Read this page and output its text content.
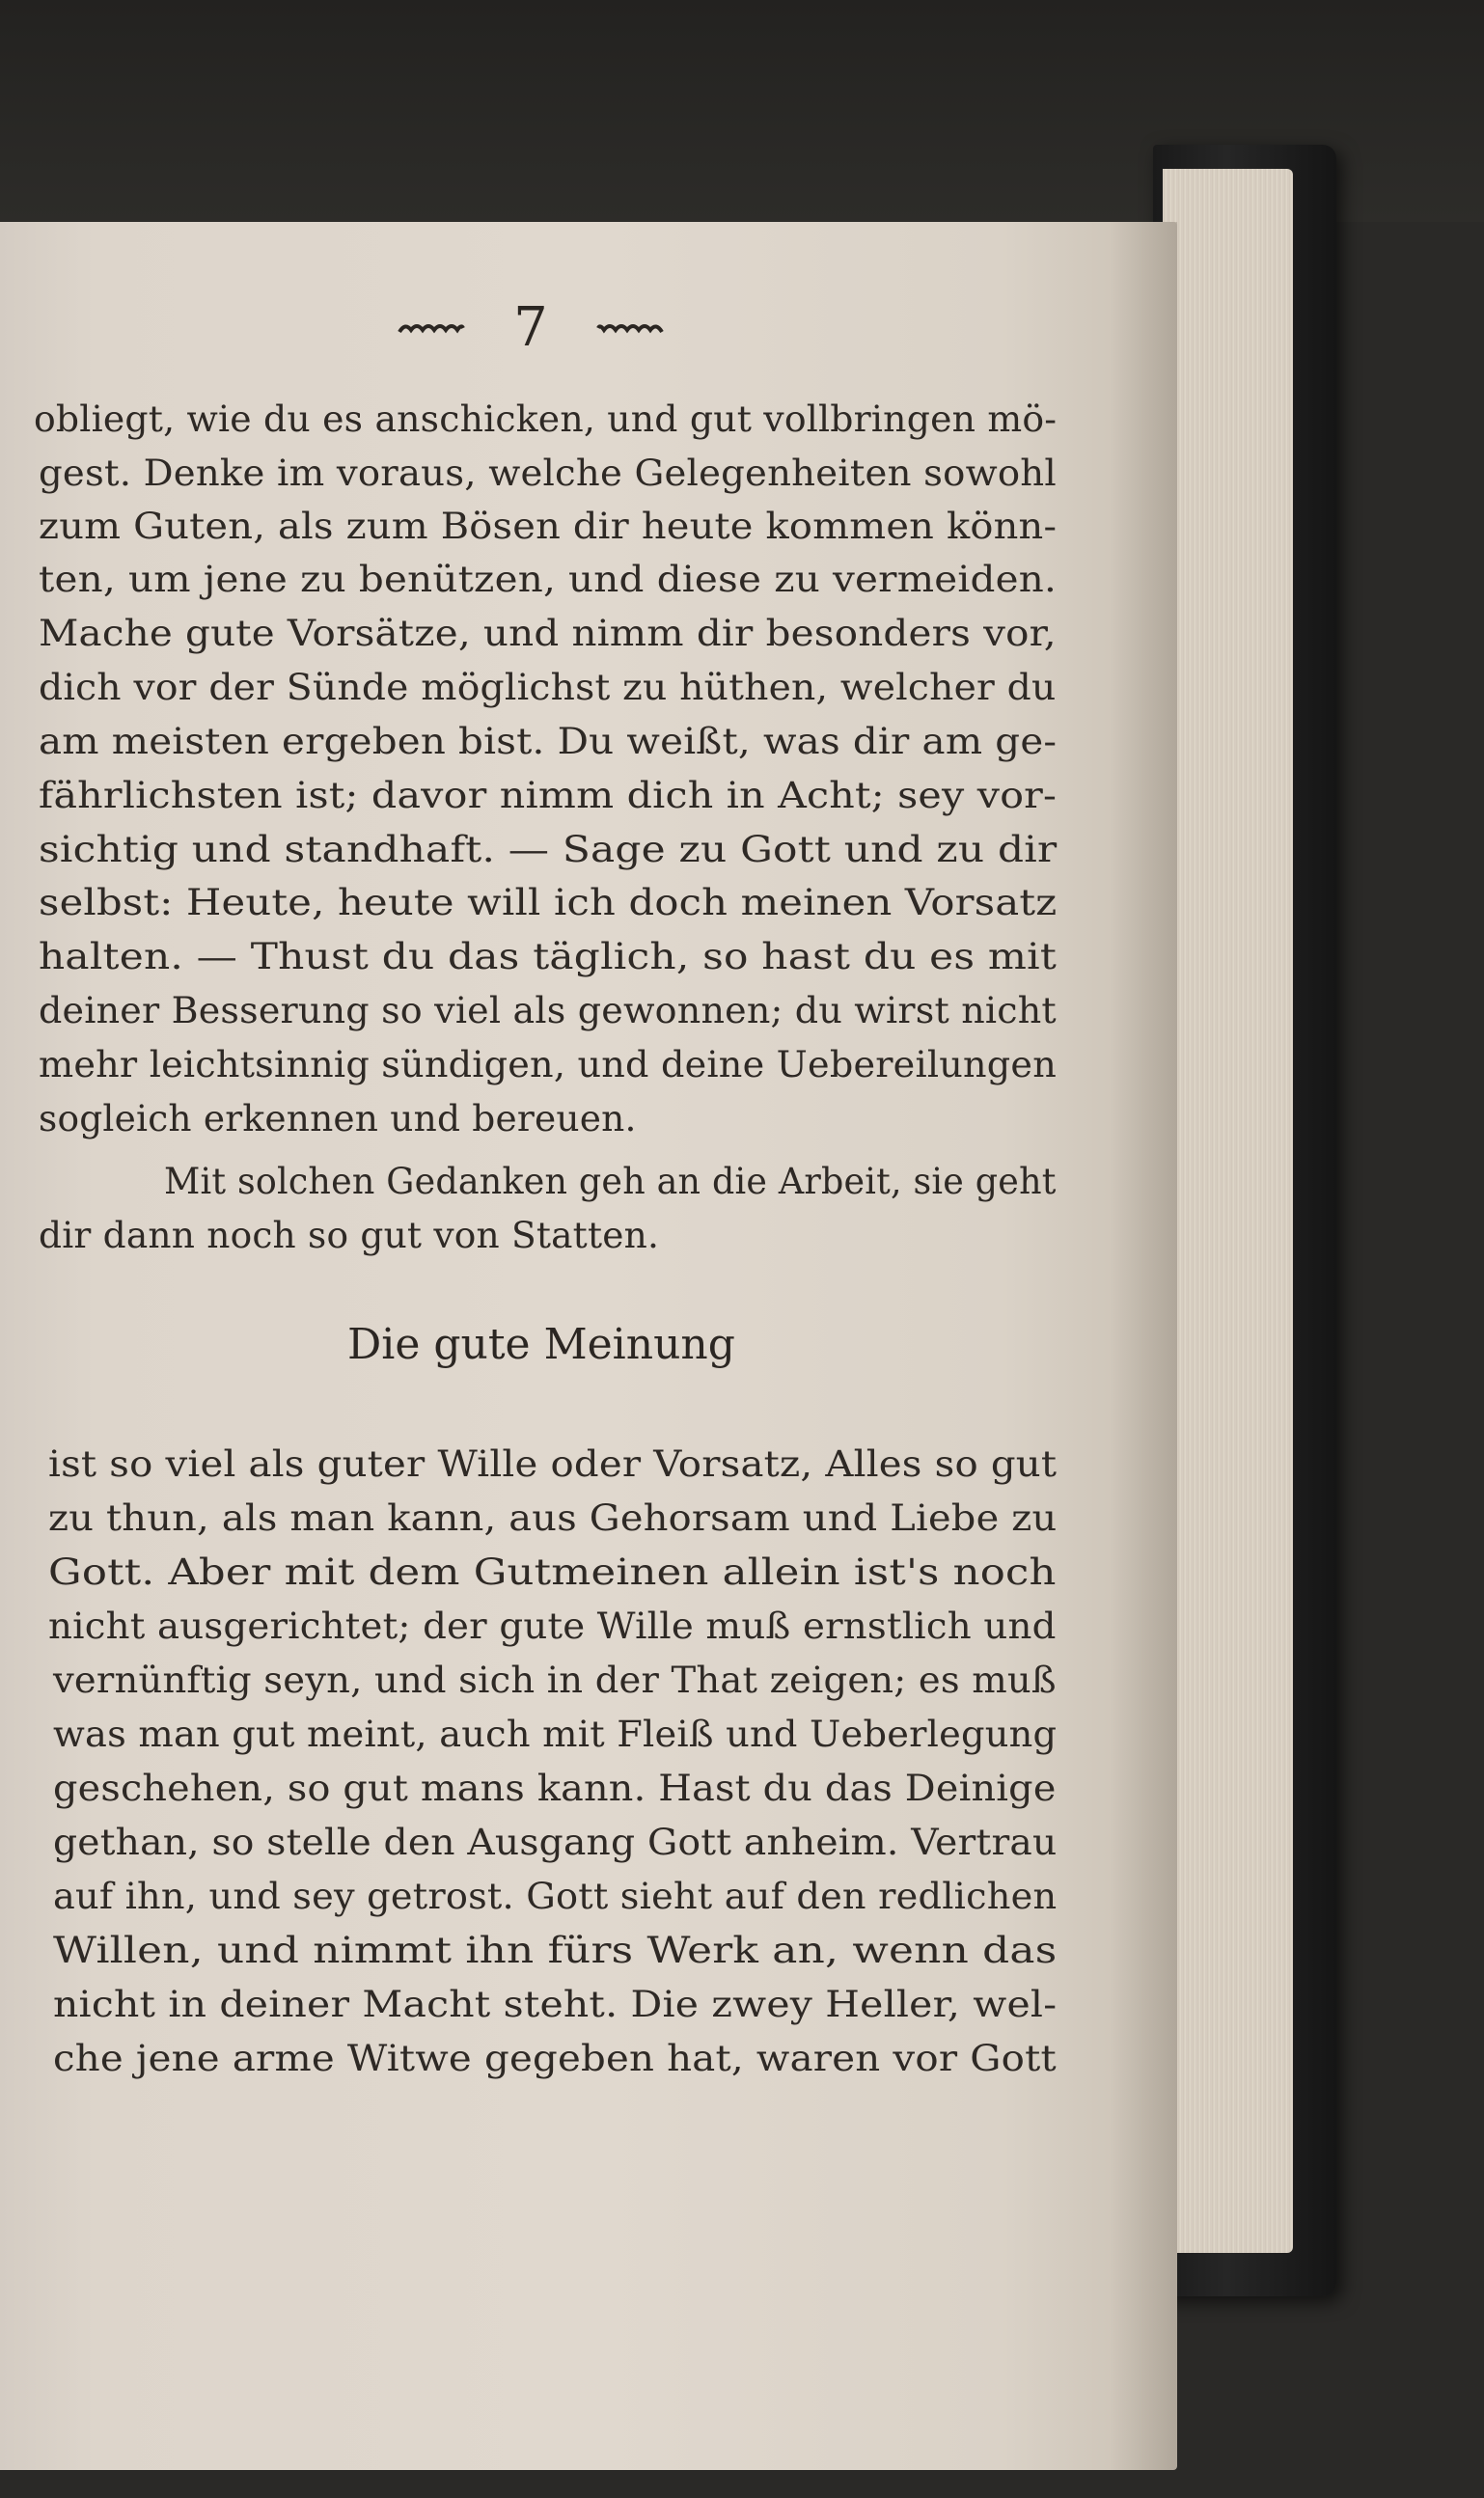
7
obliegt, wie du es anschicken, und gut vollbringen mö-
gest. Denke im voraus, welche Gelegenheiten sowohl
zum Guten, als zum Bösen dir heute kommen könn-
ten, um jene zu benützen, und diese zu vermeiden.
Mache gute Vorsätze, und nimm dir besonders vor,
dich vor der Sünde möglichst zu hüthen, welcher du
am meisten ergeben bist. Du weißt, was dir am ge-
fährlichsten ist; davor nimm dich in Acht; sey vor-
sichtig und standhaft. — Sage zu Gott und zu dir
selbst: Heute, heute will ich doch meinen Vorsatz
halten. — Thust du das täglich, so hast du es mit
deiner Besserung so viel als gewonnen; du wirst nicht
mehr leichtsinnig sündigen, und deine Uebereilungen
sogleich erkennen und bereuen.
Mit solchen Gedanken geh an die Arbeit, sie geht
dir dann noch so gut von Statten.
Die gute Meinung
ist so viel als guter Wille oder Vorsatz, Alles so gut
zu thun, als man kann, aus Gehorsam und Liebe zu
Gott. Aber mit dem Gutmeinen allein ist's noch
nicht ausgerichtet; der gute Wille muß ernstlich und
vernünftig seyn, und sich in der That zeigen; es muß
was man gut meint, auch mit Fleiß und Ueberlegung
geschehen, so gut mans kann. Hast du das Deinige
gethan, so stelle den Ausgang Gott anheim. Vertrau
auf ihn, und sey getrost. Gott sieht auf den redlichen
Willen, und nimmt ihn fürs Werk an, wenn das
nicht in deiner Macht steht. Die zwey Heller, wel-
che jene arme Witwe gegeben hat, waren vor Gott
